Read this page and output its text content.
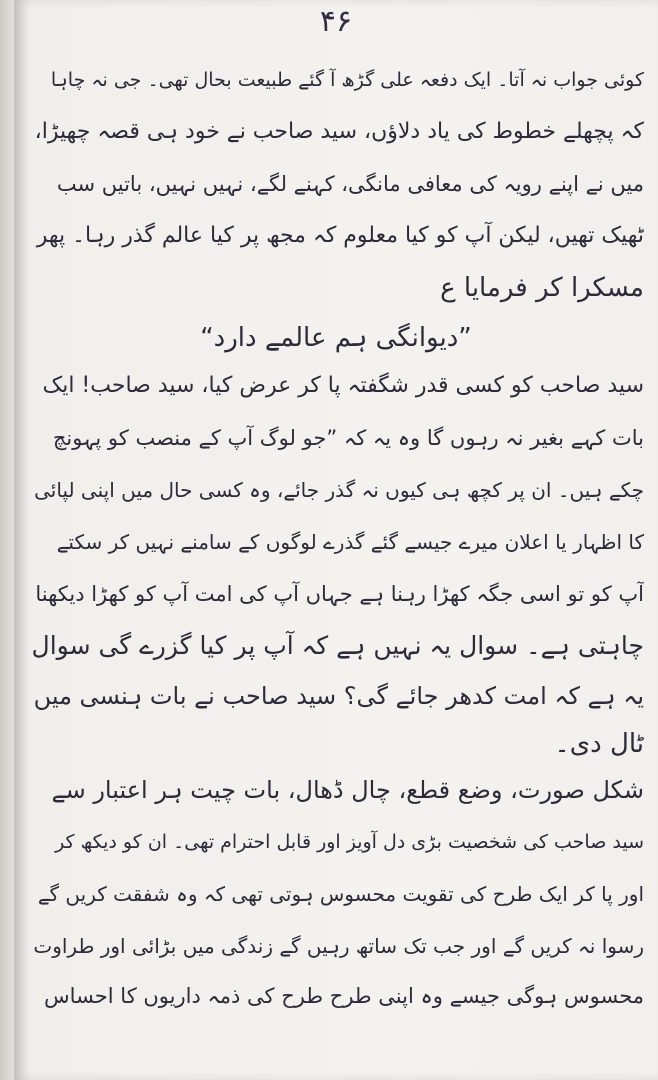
۴۶
کوئی جواب نہ آتا۔ ایک دفعہ علی گڑھ آ گئے طبیعت بحال تھی۔ جی نہ چاہا
کہ پچھلے خطوط کی یاد دلاؤں، سید صاحب نے خود ہی قصہ چھیڑا،
میں نے اپنے رویہ کی معافی مانگی، کہنے لگے، نہیں نہیں، باتیں سب
ٹھیک تھیں، لیکن آپ کو کیا معلوم کہ مجھ پر کیا عالم گذر رہا۔ پھر
مسکرا کر فرمایا ع
”دیوانگی ہم عالمے دارد“
سید صاحب کو کسی قدر شگفتہ پا کر عرض کیا، سید صاحب! ایک
بات کہے بغیر نہ رہوں گا وہ یہ کہ ”جو لوگ آپ کے منصب کو پہونچ
چکے ہیں۔ ان پر کچھ ہی کیوں نہ گذر جائے، وہ کسی حال میں اپنی لپائی
کا اظہار یا اعلان میرے جیسے گئے گذرے لوگوں کے سامنے نہیں کر سکتے
آپ کو تو اسی جگہ کھڑا رہنا ہے جہاں آپ کی امت آپ کو کھڑا دیکھنا
چاہتی ہے۔ سوال یہ نہیں ہے کہ آپ پر کیا گزرے گی سوال
یہ ہے کہ امت کدھر جائے گی؟ سید صاحب نے بات ہنسی میں
ٹال دی۔
شکل صورت، وضع قطع، چال ڈھال، بات چیت ہر اعتبار سے
سید صاحب کی شخصیت بڑی دل آویز اور قابل احترام تھی۔ ان کو دیکھ کر
اور پا کر ایک طرح کی تقویت محسوس ہوتی تھی کہ وہ شفقت کریں گے
رسوا نہ کریں گے اور جب تک ساتھ رہیں گے زندگی میں بڑائی اور طراوت
محسوس ہوگی جیسے وہ اپنی طرح طرح کی ذمہ داریوں کا احساس
